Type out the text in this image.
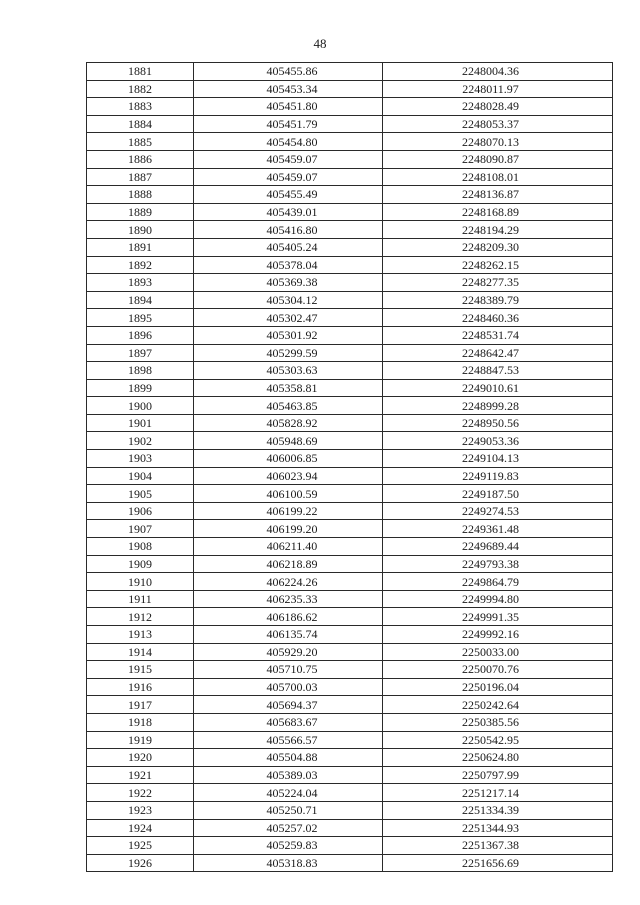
48
1881	405455.86	2248004.36
1882	405453.34	2248011.97
1883	405451.80	2248028.49
1884	405451.79	2248053.37
1885	405454.80	2248070.13
1886	405459.07	2248090.87
1887	405459.07	2248108.01
1888	405455.49	2248136.87
1889	405439.01	2248168.89
1890	405416.80	2248194.29
1891	405405.24	2248209.30
1892	405378.04	2248262.15
1893	405369.38	2248277.35
1894	405304.12	2248389.79
1895	405302.47	2248460.36
1896	405301.92	2248531.74
1897	405299.59	2248642.47
1898	405303.63	2248847.53
1899	405358.81	2249010.61
1900	405463.85	2248999.28
1901	405828.92	2248950.56
1902	405948.69	2249053.36
1903	406006.85	2249104.13
1904	406023.94	2249119.83
1905	406100.59	2249187.50
1906	406199.22	2249274.53
1907	406199.20	2249361.48
1908	406211.40	2249689.44
1909	406218.89	2249793.38
1910	406224.26	2249864.79
1911	406235.33	2249994.80
1912	406186.62	2249991.35
1913	406135.74	2249992.16
1914	405929.20	2250033.00
1915	405710.75	2250070.76
1916	405700.03	2250196.04
1917	405694.37	2250242.64
1918	405683.67	2250385.56
1919	405566.57	2250542.95
1920	405504.88	2250624.80
1921	405389.03	2250797.99
1922	405224.04	2251217.14
1923	405250.71	2251334.39
1924	405257.02	2251344.93
1925	405259.83	2251367.38
1926	405318.83	2251656.69
